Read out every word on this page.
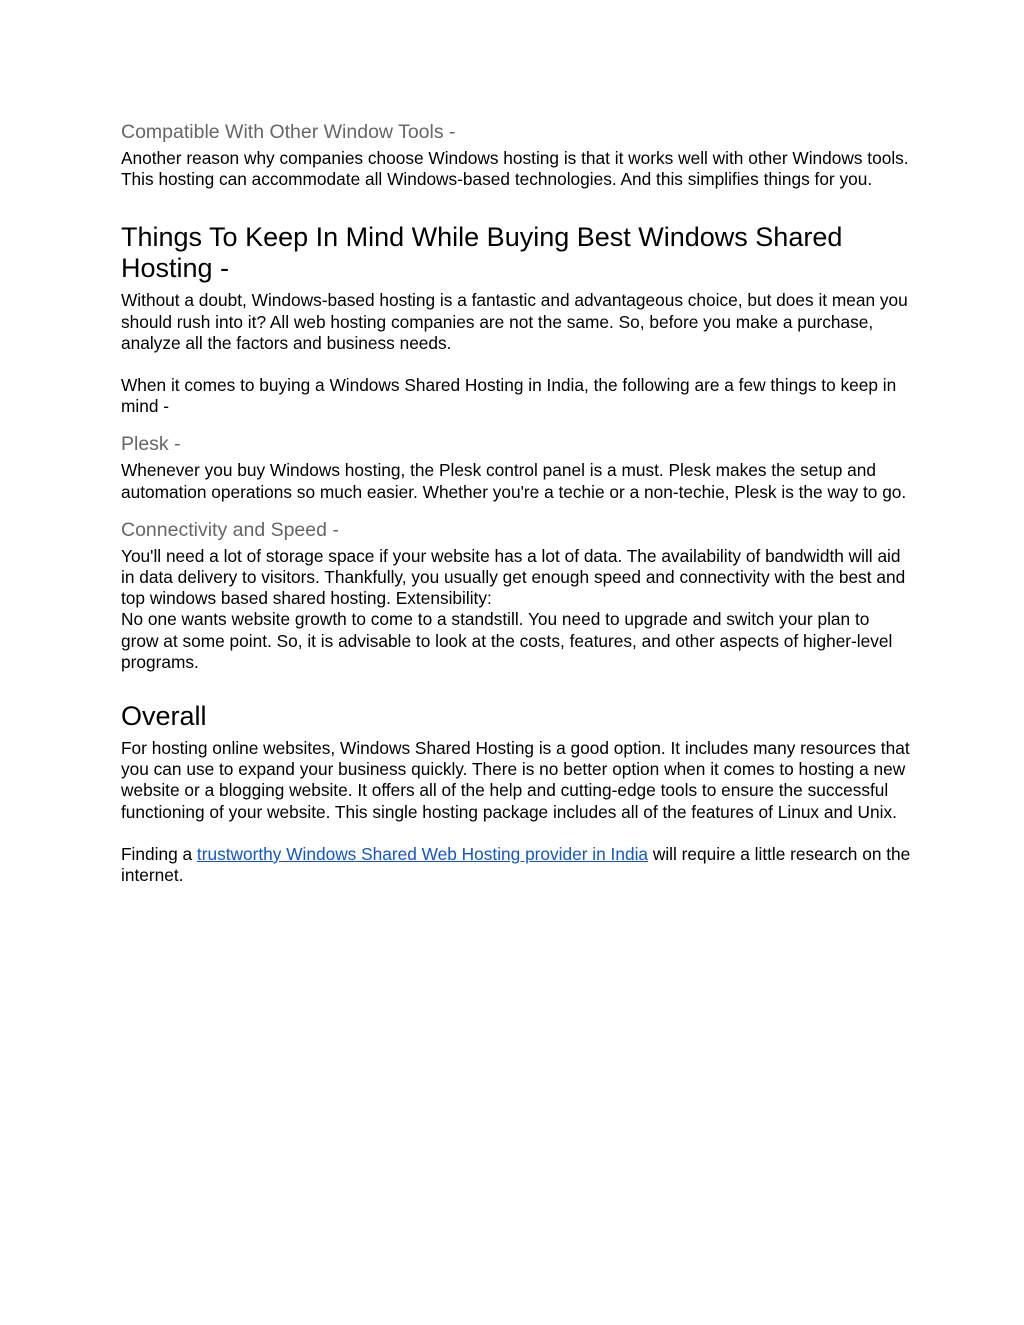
Compatible With Other Window Tools -

Another reason why companies choose Windows hosting is that it works well with other Windows tools. This hosting can accommodate all Windows-based technologies. And this simplifies things for you.

Things To Keep In Mind While Buying Best Windows Shared Hosting -

Without a doubt, Windows-based hosting is a fantastic and advantageous choice, but does it mean you should rush into it? All web hosting companies are not the same. So, before you make a purchase, analyze all the factors and business needs.

When it comes to buying a Windows Shared Hosting in India, the following are a few things to keep in mind -

Plesk -

Whenever you buy Windows hosting, the Plesk control panel is a must. Plesk makes the setup and automation operations so much easier. Whether you're a techie or a non-techie, Plesk is the way to go.

Connectivity and Speed -

You'll need a lot of storage space if your website has a lot of data. The availability of bandwidth will aid in data delivery to visitors. Thankfully, you usually get enough speed and connectivity with the best and top windows based shared hosting. Extensibility:

No one wants website growth to come to a standstill. You need to upgrade and switch your plan to grow at some point. So, it is advisable to look at the costs, features, and other aspects of higher-level programs.

Overall

For hosting online websites, Windows Shared Hosting is a good option. It includes many resources that you can use to expand your business quickly. There is no better option when it comes to hosting a new website or a blogging website. It offers all of the help and cutting-edge tools to ensure the successful functioning of your website. This single hosting package includes all of the features of Linux and Unix.

Finding a trustworthy Windows Shared Web Hosting provider in India will require a little research on the internet.
